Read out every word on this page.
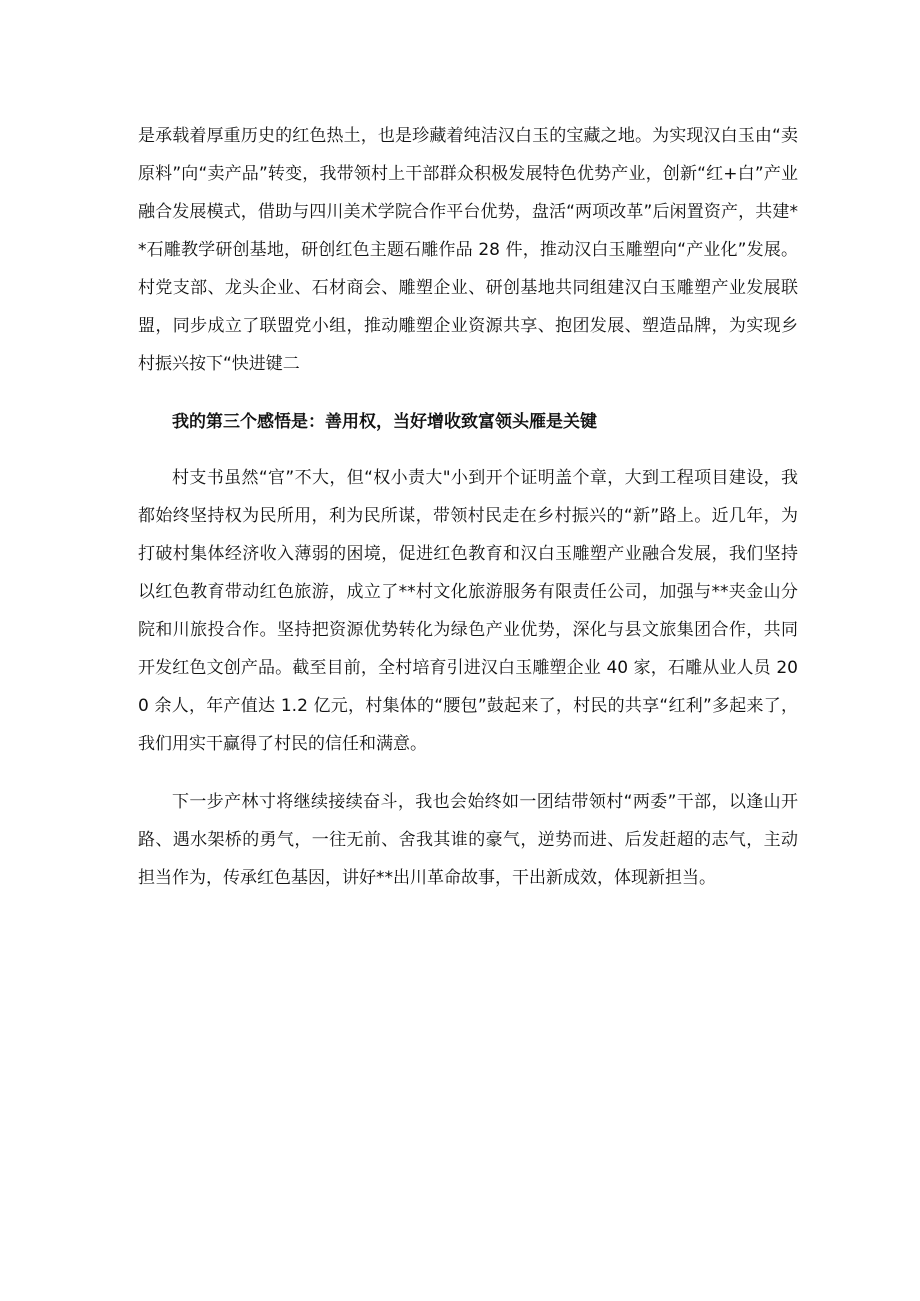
是承载着厚重历史的红色热土，也是珍藏着纯洁汉白玉的宝藏之地。为实现汉白玉由“卖原料”向“卖产品”转变，我带领村上干部群众积极发展特色优势产业，创新“红+白”产业融合发展模式，借助与四川美术学院合作平台优势，盘活“两项改革”后闲置资产，共建**石雕教学研创基地，研创红色主题石雕作品 28 件，推动汉白玉雕塑向“产业化”发展。村党支部、龙头企业、石材商会、雕塑企业、研创基地共同组建汉白玉雕塑产业发展联盟，同步成立了联盟党小组，推动雕塑企业资源共享、抱团发展、塑造品牌，为实现乡村振兴按下“快进键二

我的第三个感悟是：善用权，当好增收致富领头雁是关键

村支书虽然“官”不大，但“权小责大"小到开个证明盖个章，大到工程项目建设，我都始终坚持权为民所用，利为民所谋，带领村民走在乡村振兴的“新”路上。近几年，为打破村集体经济收入薄弱的困境，促进红色教育和汉白玉雕塑产业融合发展，我们坚持以红色教育带动红色旅游，成立了**村文化旅游服务有限责任公司，加强与**夹金山分院和川旅投合作。坚持把资源优势转化为绿色产业优势，深化与县文旅集团合作，共同开发红色文创产品。截至目前，全村培育引进汉白玉雕塑企业 40 家，石雕从业人员 200 余人，年产值达 1.2 亿元，村集体的“腰包”鼓起来了，村民的共享“红利”多起来了，我们用实干赢得了村民的信任和满意。

下一步产林寸将继续接续奋斗，我也会始终如一团结带领村“两委”干部，以逢山开路、遇水架桥的勇气，一往无前、舍我其谁的豪气，逆势而进、后发赶超的志气，主动担当作为，传承红色基因，讲好**出川革命故事，干出新成效，体现新担当。
